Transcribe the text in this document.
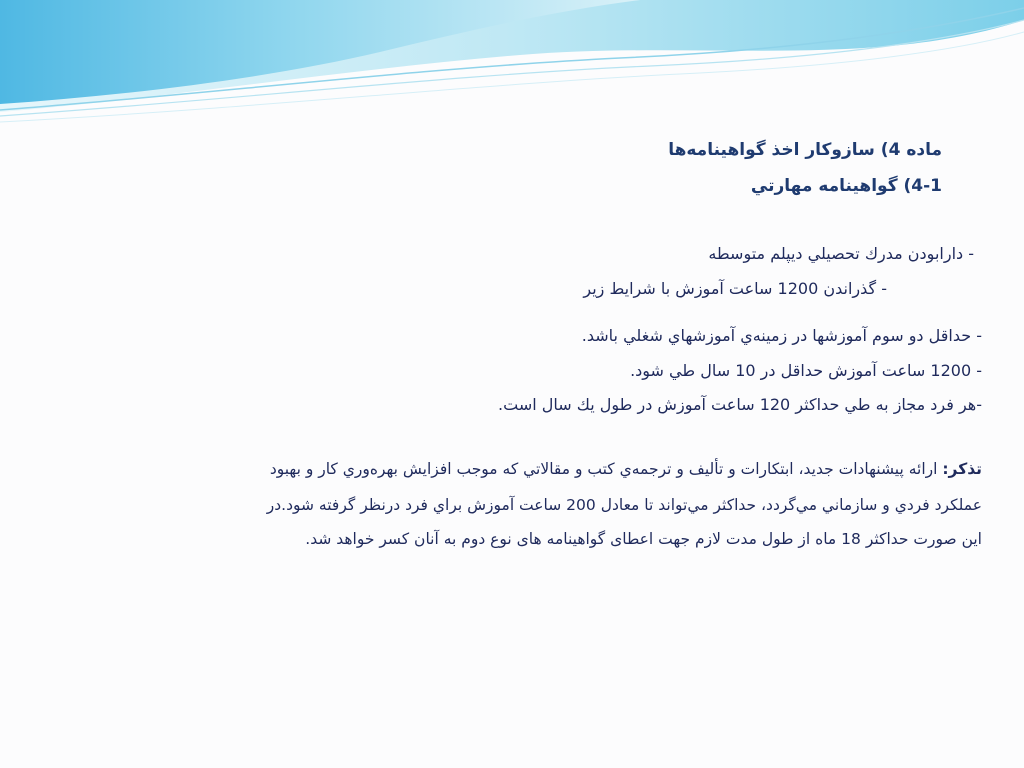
ماده 4) سازوكار اخذ گواهینامه‌ها
4-1) گواهینامه مهارتي
- دارابودن مدرك تحصيلي ديپلم متوسطه
- گذراندن 1200 ساعت آموزش با شرايط زير
- حداقل دو سوم آموزشها در زمينه‌ي آموزشهاي شغلي باشد.
- 1200 ساعت آموزش حداقل در 10 سال طي شود.
-هر فرد مجاز به طي حداكثر 120 ساعت آموزش در طول يك سال است.
تذكر: ارائه پيشنهادات جديد، ابتكارات و تأليف و ترجمه‌ي كتب و مقالاتي كه موجب افزايش بهره‌وري كار و بهبود
عملكرد فردي و سازماني مي‌گردد، حداكثر مي‌تواند تا معادل 200 ساعت آموزش براي فرد درنظر گرفته شود.در
اين صورت حداکثر 18 ماه از طول مدت لازم جهت اعطای گواهینامه های نوع دوم به آنان کسر خواهد شد.
